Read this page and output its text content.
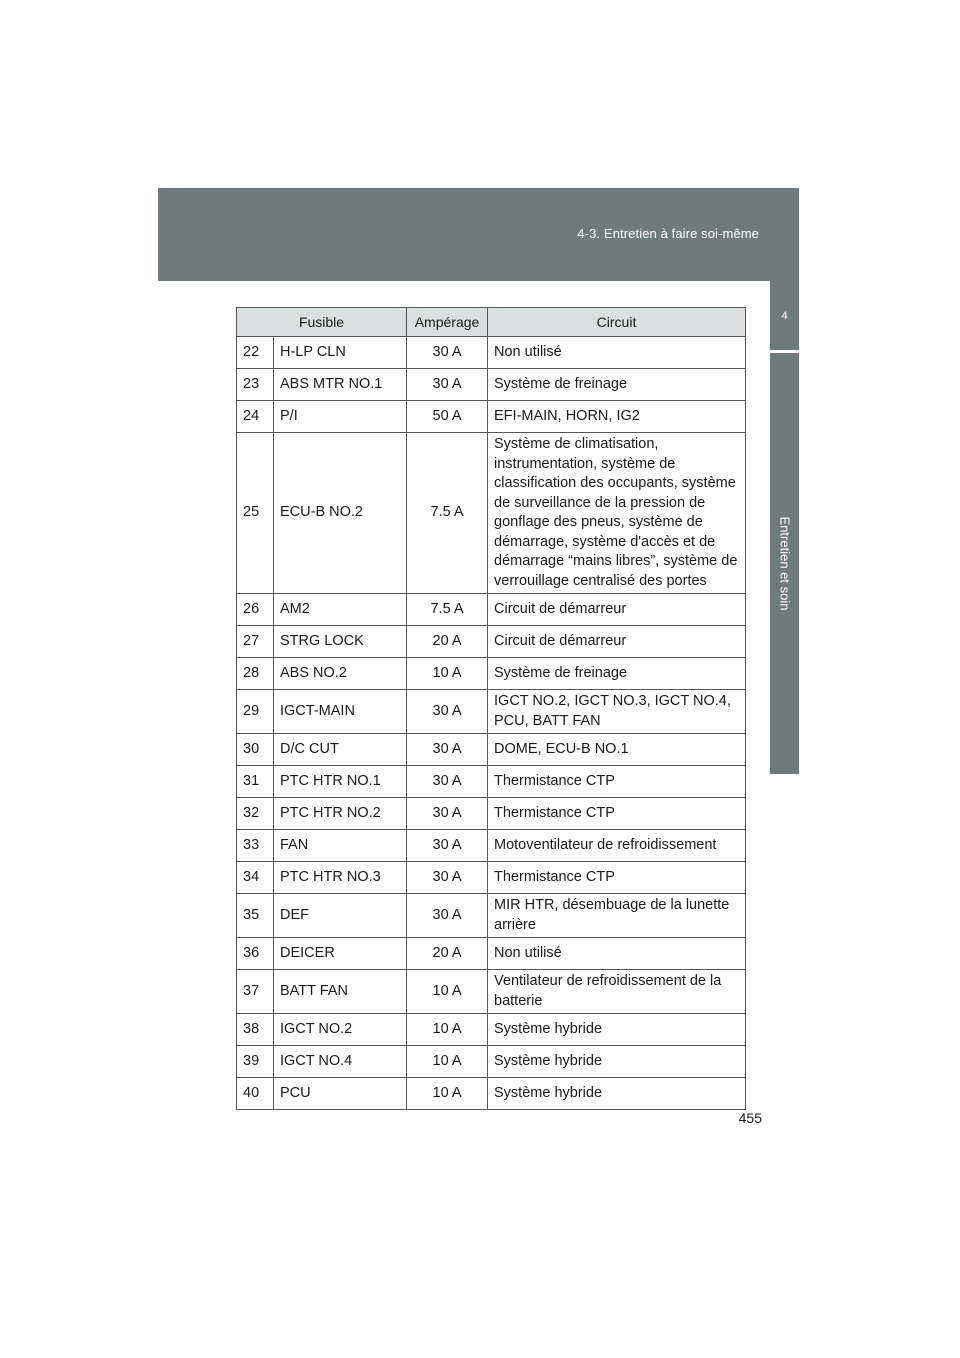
4-3. Entretien à faire soi-même
4
Entretien et soin
Fusible		Ampérage	Circuit
22	H-LP CLN	30 A	Non utilisé
23	ABS MTR NO.1	30 A	Système de freinage
24	P/I	50 A	EFI-MAIN, HORN, IG2
25	ECU-B NO.2	7.5 A	Système de climatisation, instrumentation, système de classification des occupants, système de surveillance de la pression de gonflage des pneus, système de démarrage, système d'accès et de démarrage “mains libres”, système de verrouillage centralisé des portes
26	AM2	7.5 A	Circuit de démarreur
27	STRG LOCK	20 A	Circuit de démarreur
28	ABS NO.2	10 A	Système de freinage
29	IGCT-MAIN	30 A	IGCT NO.2, IGCT NO.3, IGCT NO.4, PCU, BATT FAN
30	D/C CUT	30 A	DOME, ECU-B NO.1
31	PTC HTR NO.1	30 A	Thermistance CTP
32	PTC HTR NO.2	30 A	Thermistance CTP
33	FAN	30 A	Motoventilateur de refroidissement
34	PTC HTR NO.3	30 A	Thermistance CTP
35	DEF	30 A	MIR HTR, désembuage de la lunette arrière
36	DEICER	20 A	Non utilisé
37	BATT FAN	10 A	Ventilateur de refroidissement de la batterie
38	IGCT NO.2	10 A	Système hybride
39	IGCT NO.4	10 A	Système hybride
40	PCU	10 A	Système hybride
455
